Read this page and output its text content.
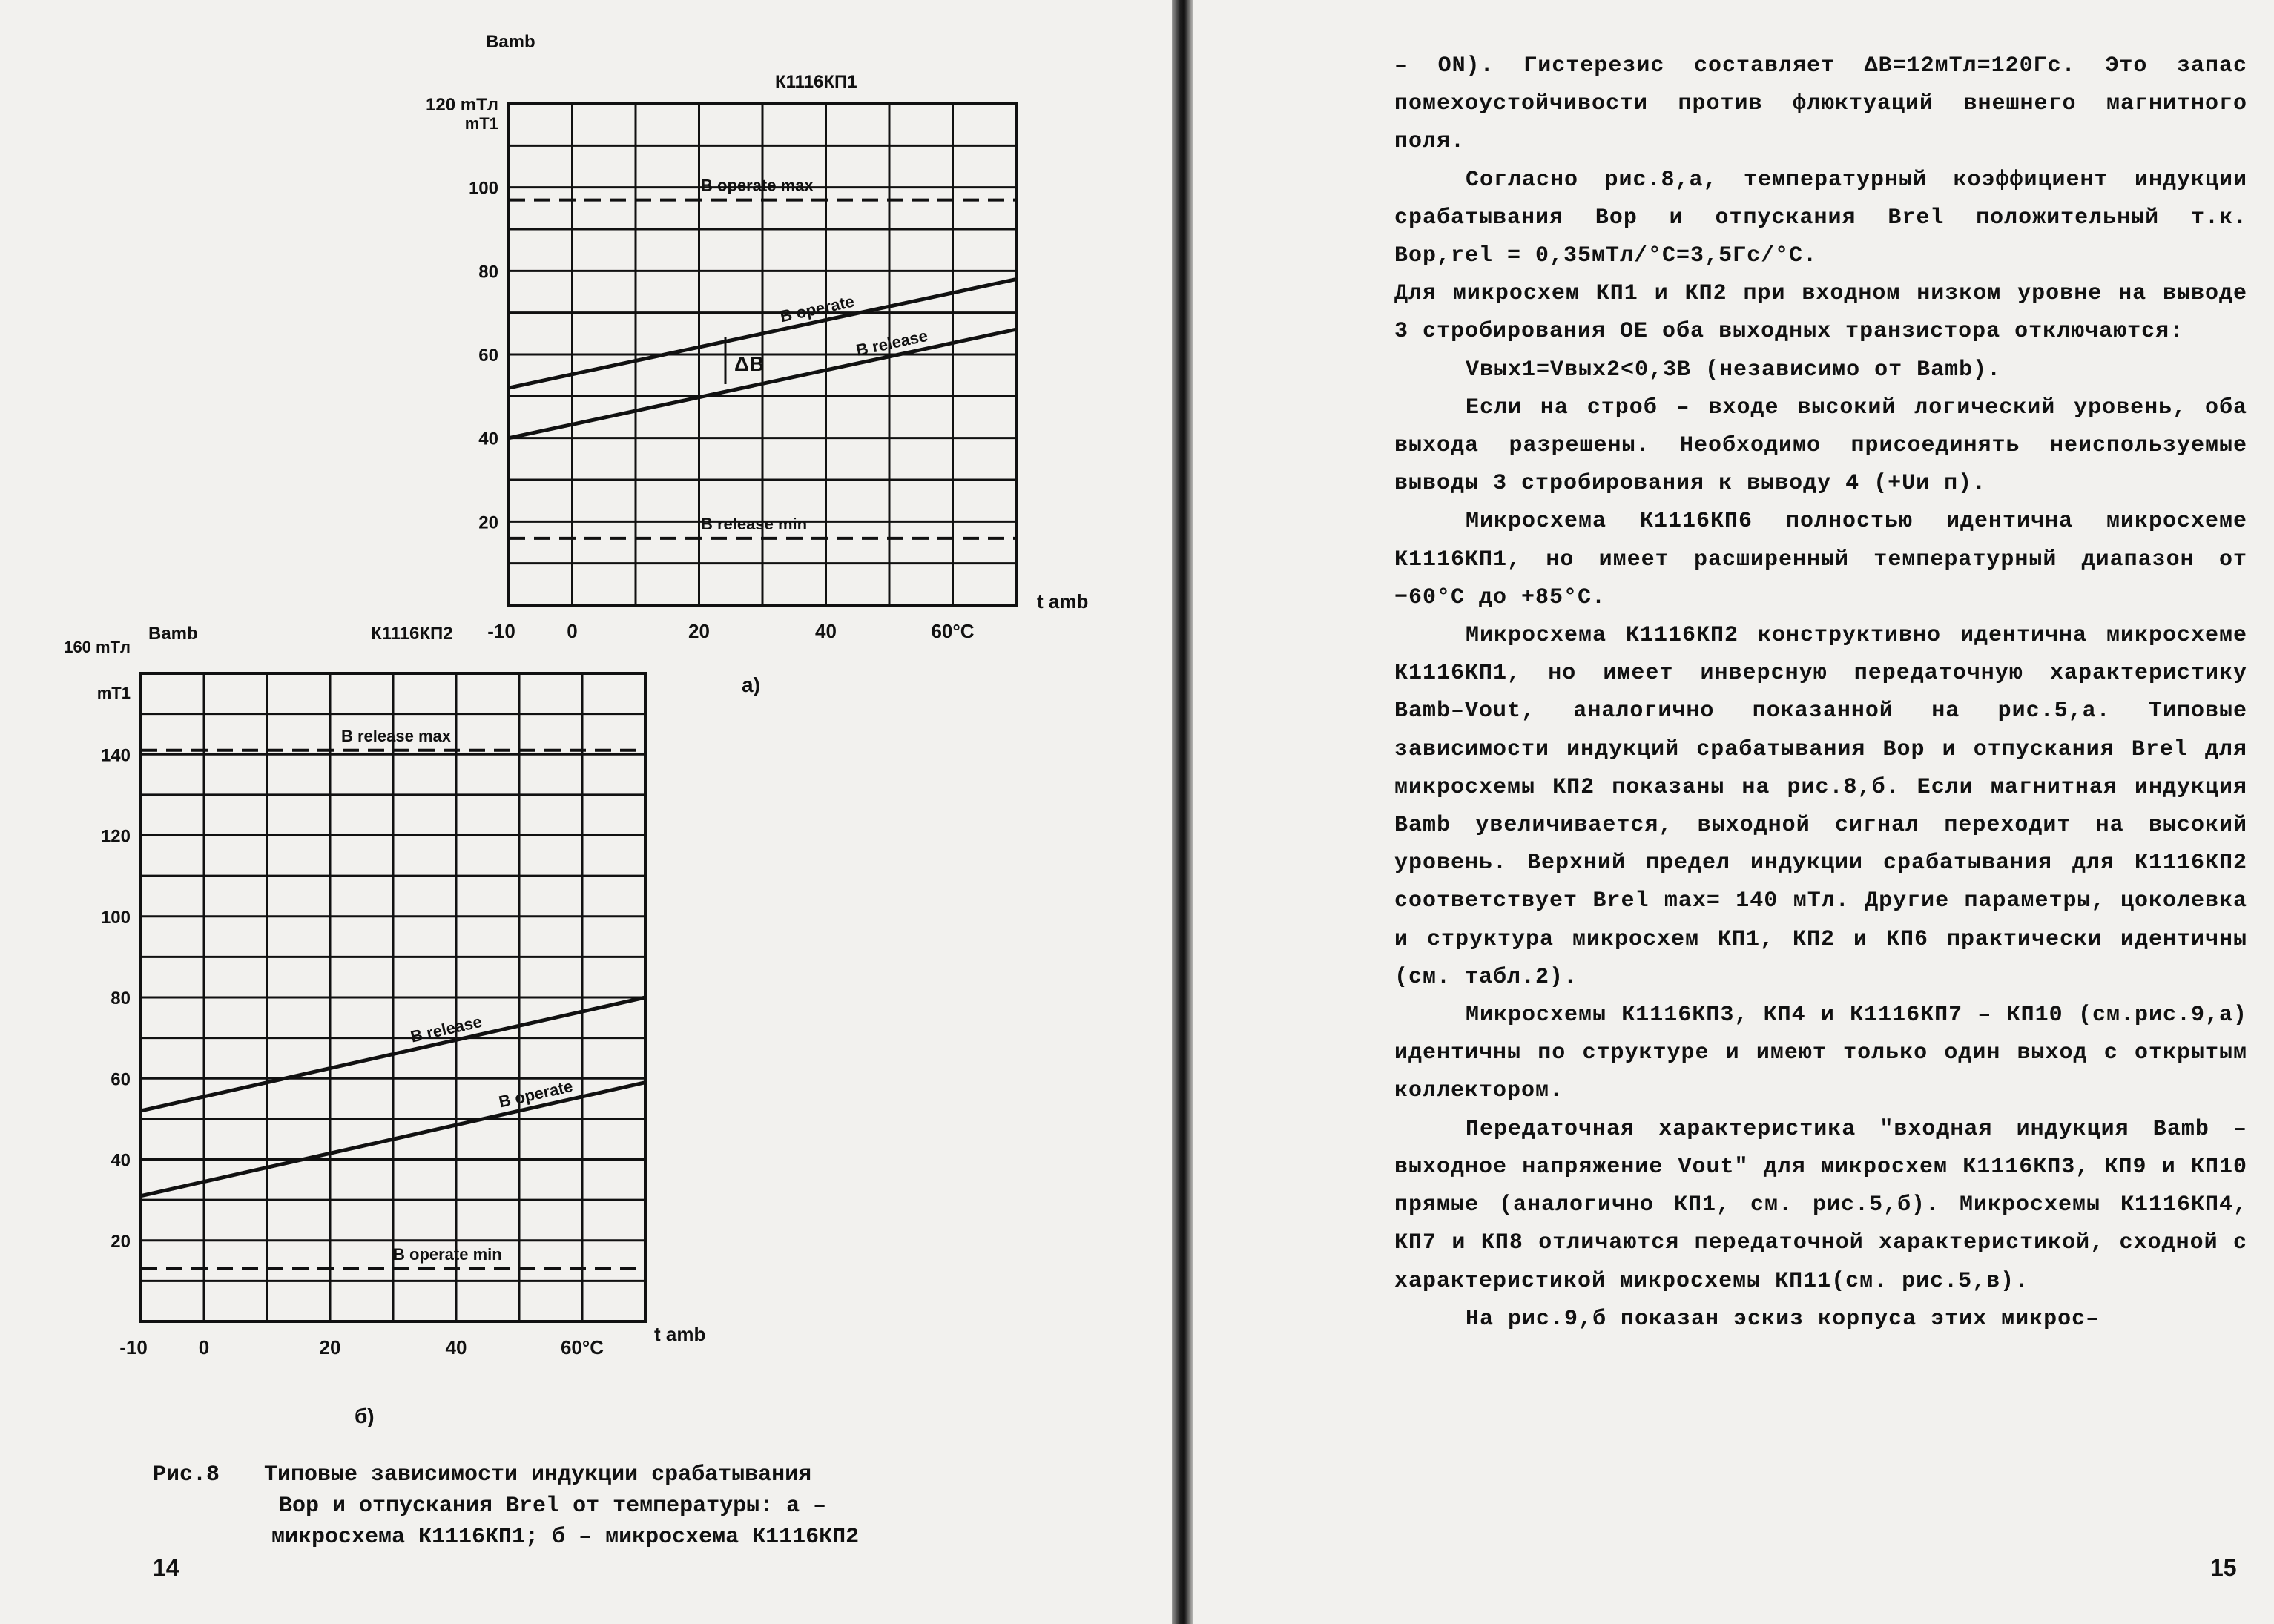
120 mTл
100
80
60
40
20
mT1
-10	0	20	40	60°C
B operate
B release
B operate max
B release min
К1116КП1
Bamb
t amb
ΔB
а)
140
120
100
80
60
40
20
mT1
-10	0	20	40	60°C
B release
B operate
B release max
B operate min
160 mTл
К1116КП2
Bamb
t amb
б)
Рис.8 Типовые зависимости индукции срабатывания
Bop и отпускания Brel от температуры: а –
микросхема К1116КП1; б – микросхема К1116КП2
14

– ON). Гистерезис составляет ΔB=12мТл=120Гс. Это запас помехоустойчивости против флюктуаций внешнего магнитного поля.

Согласно рис.8,а, температурный коэффициент индукции срабатывания Bop и отпускания Brel положительный т.к. Bop,rel = 0,35мТл/°C=3,5Гс/°C.

Для микросхем КП1 и КП2 при входном низком уровне на выводе 3 стробирования OE оба выходных транзистора отключаются:

Vвых1=Vвых2<0,3B (независимо от Bamb).

Если на строб – входе высокий логический уровень, оба выхода разрешены. Необходимо присоединять неиспользуемые выводы 3 стробирования к выводу 4 (+Uи п).

Микросхема К1116КП6 полностью идентична микросхеме К1116КП1, но имеет расширенный температурный диапазон от −60°C до +85°C.

Микросхема К1116КП2 конструктивно идентична микросхеме К1116КП1, но имеет инверсную передаточную характеристику Bamb–Vout, аналогично показанной на рис.5,а. Типовые зависимости индукций срабатывания Bop и отпускания Brel для микросхемы КП2 показаны на рис.8,б. Если магнитная индукция Bamb увеличивается, выходной сигнал переходит на высокий уровень. Верхний предел индукции срабатывания для К1116КП2 соответствует Brel max= 140 мТл. Другие параметры, цоколевка и структура микросхем КП1, КП2 и КП6 практически идентичны (см. табл.2).

Микросхемы К1116КП3, КП4 и К1116КП7 – КП10 (см.рис.9,а) идентичны по структуре и имеют только один выход с открытым коллектором.

Передаточная характеристика "входная индукция Bamb – выходное напряжение Vout" для микросхем К1116КП3, КП9 и КП10 прямые (аналогично КП1, см. рис.5,б). Микросхемы К1116КП4, КП7 и КП8 отличаются передаточной характеристикой, сходной с характеристикой микросхемы КП11(см. рис.5,в).

На рис.9,б показан эскиз корпуса этих микрос–

15
